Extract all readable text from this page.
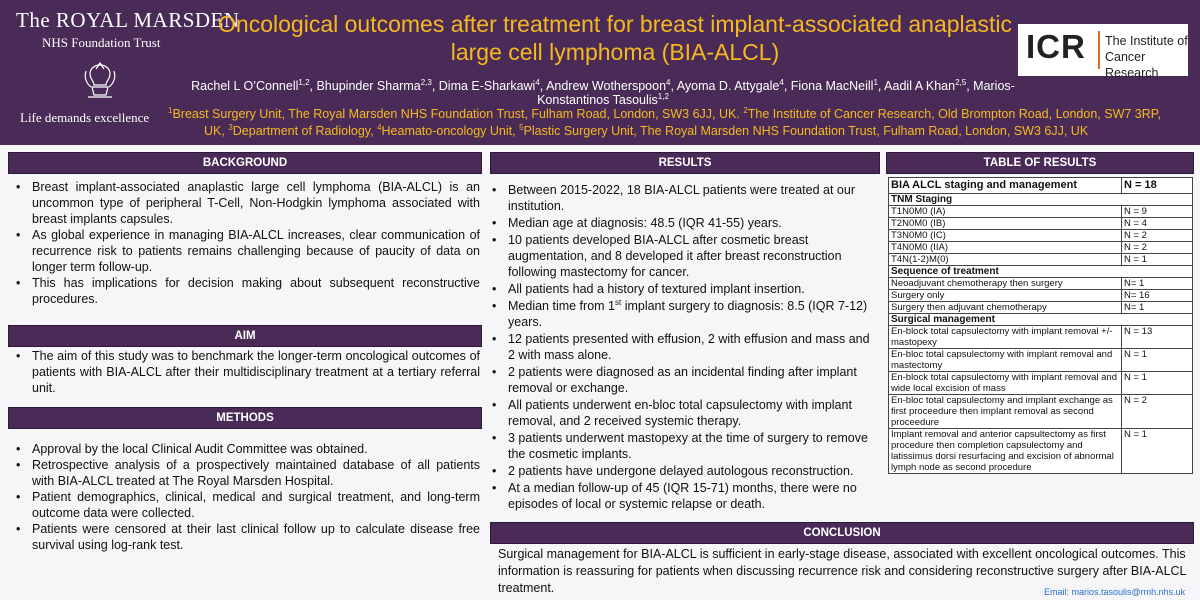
The ROYAL MARSDEN
NHS Foundation Trust
Life demands excellence
Oncological outcomes after treatment for breast implant-associated anaplastic
large cell lymphoma (BIA-ALCL)
Rachel L O’Connell$^{1,2}$, Bhupinder Sharma$^{2,3}$, Dima E-Sharkawi$^4$, Andrew Wotherspoon$^4$, Ayoma D. Attygale$^4$, Fiona MacNeill$^1$, Aadil A Khan$^{2,5}$, Marios-Konstantinos Tasoulis$^{1,2}$
$^1$Breast Surgery Unit, The Royal Marsden NHS Foundation Trust, Fulham Road, London, SW3 6JJ, UK. $^2$The Institute of Cancer Research, Old Brompton Road, London, SW7 3RP,
UK, $^3$Department of Radiology, $^4$Heamato-oncology Unit, $^5$Plastic Surgery Unit, The Royal Marsden NHS Foundation Trust, Fulham Road, London, SW3 6JJ, UK
ICR The Institute of
Cancer Research
BACKGROUND
• Breast implant-associated anaplastic large cell lymphoma (BIA-ALCL) is an uncommon type of peripheral T-Cell, Non-Hodgkin lymphoma associated with breast implants capsules.
• As global experience in managing BIA-ALCL increases, clear communication of recurrence risk to patients remains challenging because of paucity of data on longer term follow-up.
• This has implications for decision making about subsequent reconstructive procedures.
AIM
• The aim of this study was to benchmark the longer-term oncological outcomes of patients with BIA-ALCL after their multidisciplinary treatment at a tertiary referral unit.
METHODS
• Approval by the local Clinical Audit Committee was obtained.
• Retrospective analysis of a prospectively maintained database of all patients with BIA-ALCL treated at The Royal Marsden Hospital.
• Patient demographics, clinical, medical and surgical treatment, and long-term outcome data were collected.
• Patients were censored at their last clinical follow up to calculate disease free survival using log-rank test.
RESULTS
• Between 2015-2022, 18 BIA-ALCL patients were treated at our institution.
• Median age at diagnosis: 48.5 (IQR 41-55) years.
• 10 patients developed BIA-ALCL after cosmetic breast augmentation, and 8 developed it after breast reconstruction following mastectomy for cancer.
• All patients had a history of textured implant insertion.
• Median time from 1st implant surgery to diagnosis: 8.5 (IQR 7-12) years.
• 12 patients presented with effusion, 2 with effusion and mass and 2 with mass alone.
• 2 patients were diagnosed as an incidental finding after implant removal or exchange.
• All patients underwent en-bloc total capsulectomy with implant removal, and 2 received systemic therapy.
• 3 patients underwent mastopexy at the time of surgery to remove the cosmetic implants.
• 2 patients have undergone delayed autologous reconstruction.
• At a median follow-up of 45 (IQR 15-71) months, there were no episodes of local or systemic relapse or death.
TABLE OF RESULTS
BIA ALCL staging and management	N = 18
TNM Staging	
T1N0M0 (IA)	N = 9
T2N0M0 (IB)	N = 4
T3N0M0 (IC)	N = 2
T4N0M0 (IIA)	N = 2
T4N(1-2)M(0)	N = 1
Sequence of treatment	
Neoadjuvant chemotherapy then surgery	N= 1
Surgery only	N= 16
Surgery then adjuvant chemotherapy	N= 1
Surgical management	
En-block total capsulectomy with implant removal +/- mastopexy	N = 13
En-bloc total capsulectomy with implant removal and mastectomy	N = 1
En-block total capsulectomy with implant removal and wide local excision of mass	N = 1
En-bloc total capsulectomy and implant exchange as first proceedure then implant removal as second proceedure	N = 2
Implant removal and anterior capsultectomy as first procedure then completion capsulectomy and latissimus dorsi resurfacing and excision of abnormal lymph node as second procedure	N = 1
CONCLUSION
Surgical management for BIA-ALCL is sufficient in early-stage disease, associated with excellent oncological outcomes. This information is reassuring for patients when discussing recurrence risk and considering reconstructive surgery after BIA-ALCL treatment.	Email: marios.tasoulis@rmh.nhs.uk
